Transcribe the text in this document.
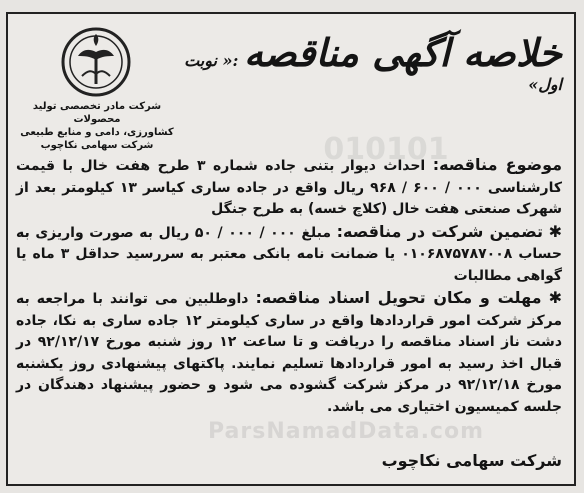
شرکت مادر تخصصی تولید محصولات
کشاورزی، دامی و منابع طبیعی
شرکت سهامی نکاچوب
خلاصه آگهی مناقصه :« نوبت اول»
010101

موضوع مناقصه: احداث دیوار بتنی جاده شماره ۳ طرح هفت خال با قیمت کارشناسی ۰۰۰ / ۶۰۰ / ۹۶۸ ریال واقع در جاده ساری کیاسر ۱۳ کیلومتر بعد از شهرک صنعتی هفت خال (کلاچ خسه) به طرح جنگل

✱ تضمین شرکت در مناقصه: مبلغ ۰۰۰ / ۰۰۰ / ۵۰ ریال به صورت واریزی به حساب ۰۱۰۶۸۷۵۷۸۷۰۰۸ یا ضمانت نامه بانکی معتبر به سررسید حداقل ۳ ماه یا گواهی مطالبات

✱ مهلت و مکان تحویل اسناد مناقصه: داوطلبین می توانند با مراجعه به مرکز شرکت امور قراردادها واقع در ساری کیلومتر ۱۲ جاده ساری به نکا، جاده دشت ناز اسناد مناقصه را دریافت و تا ساعت ۱۲ روز شنبه مورخ ۹۲/۱۲/۱۷ در قبال اخذ رسید به امور قراردادها تسلیم نمایند. پاکتهای پیشنهادی روز یکشنبه مورخ ۹۲/۱۲/۱۸ در مرکز شرکت گشوده می شود و حضور پیشنهاد دهندگان در جلسه کمیسیون اختیاری می باشد.

ParsNamadData.com
شرکت سهامی نکاچوب
